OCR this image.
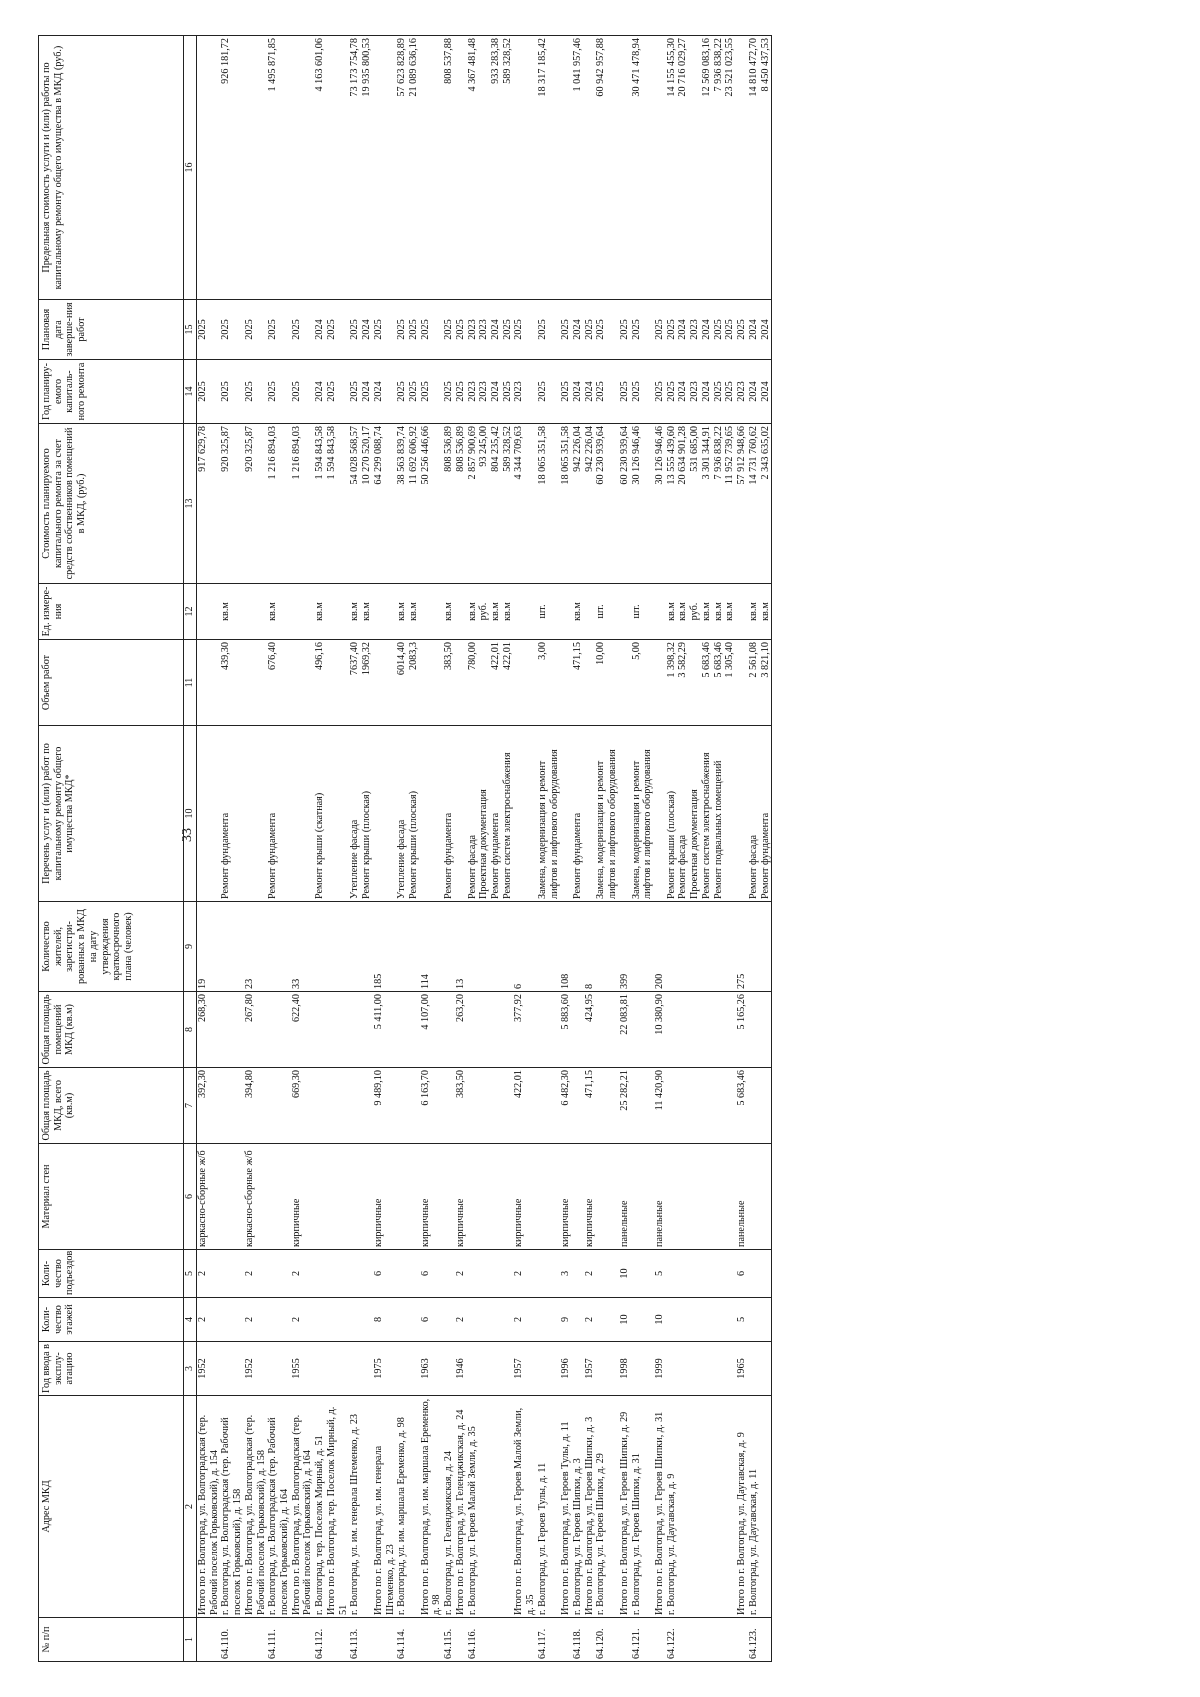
33
№ п/п	Адрес МКД	Год ввода в эксплу-атацию	Коли-чество этажей	Коли-чество подъездов	Материал стен	Общая площадь МКД, всего (кв.м)	Общая площадь помещений МКД (кв.м)	Количество жителей, зарегистри-рованных в МКД на дату утверждения краткосрочного плана (человек)	Перечень услуг и (или) работ по капитальному ремонту общего имущества МКД*	Объем работ	Ед. измере-ния	Стоимость планируемого капитального ремонта за счет средств собственников помещений в МКД, (руб.)	Год планиру-емого капиталь-ного ремонта	Плановая дата заверше-ния работ	Предельная стоимость услуги и (или) работы по капитальному ремонту общего имущества в МКД (руб.)
1	2	3	4	5	6	7	8	9	10	11	12	13	14	15	16
	Итого по г. Волгоград, ул. Волгоградская (тер. Рабочий поселок Горьковский), д. 154	1952	2	2	каркасно-сборные ж/б	392,30	268,30	19				917 629,78	2025	2025	
64.110.	г. Волгоград, ул. Волгоградская (тер. Рабочий поселок Горьковский), д. 158								Ремонт фундамента	439,30	кв.м	920 325,87	2025	2025	926 181,72
	Итого по г. Волгоград, ул. Волгоградская (тер. Рабочий поселок Горьковский), д. 158	1952	2	2	каркасно-сборные ж/б	394,80	267,80	23				920 325,87	2025	2025	
64.111.	г. Волгоград, ул. Волгоградская (тер. Рабочий поселок Горьковский), д. 164								Ремонт фундамента	676,40	кв.м	1 216 894,03	2025	2025	1 495 871,85
	Итого по г. Волгоград, ул. Волгоградская (тер. Рабочий поселок Горьковский), д. 164	1955	2	2	кирпичные	669,30	622,40	33				1 216 894,03	2025	2025	
64.112.	г. Волгоград, тер. Поселок Мирный, д. 51								Ремонт крыши (скатная)	496,16	кв.м	1 594 843,58	2024	2024	4 163 601,06
	Итого по г. Волгоград, тер. Поселок Мирный, д. 51											1 594 843,58	2025	2025	
64.113.	г. Волгоград, ул. им. генерала Штеменко, д. 23								Утепление фасада	7637,40	кв.м	54 028 568,57	2025	2025	73 173 754,78
									Ремонт крыши (плоская)	1969,32	кв.м	10 270 520,17	2024	2024	19 935 800,53
	Итого по г. Волгоград, ул. им. генерала Штеменко, д. 23	1975	8	6	кирпичные	9 489,10	5 411,00	185				64 299 088,74	2024	2025	
64.114.	г. Волгоград, ул. им. маршала Еременко, д. 98								Утепление фасада	6014,40	кв.м	38 563 839,74	2025	2025	57 623 828,89
									Ремонт крыши (плоская)	2083,3	кв.м	11 692 606,92	2025	2025	21 089 636,16
	Итого по г. Волгоград, ул. им. маршала Еременко, д. 98	1963	6	6	кирпичные	6 163,70	4 107,00	114				50 256 446,66	2025	2025	
64.115.	г. Волгоград, ул. Геленджикская, д. 24								Ремонт фундамента	383,50	кв.м	808 536,89	2025	2025	808 537,88
	Итого по г. Волгоград, ул. Геленджикская, д. 24	1946	2	2	кирпичные	383,50	263,20	13				808 536,89	2025	2025	
64.116.	г. Волгоград, ул. Героев Малой Земли, д. 35								Ремонт фасада	780,00	кв.м	2 857 900,69	2023	2023	4 367 481,48
									Проектная документация		руб.	93 245,00	2023	2023	
									Ремонт фундамента	422,01	кв.м	804 235,42	2024	2024	933 283,38
									Ремонт систем электроснабжения	422,01	кв.м	589 328,52	2025	2025	589 328,52
	Итого по г. Волгоград, ул. Героев Малой Земли, д. 35	1957	2	2	кирпичные	422,01	377,92	6				4 344 709,63	2023	2025	
64.117.	г. Волгоград, ул. Героев Тулы, д. 11								Замена, модернизация и ремонт лифтов и лифтового оборудования	3,00	шт.	18 065 351,58	2025	2025	18 317 185,42
	Итого по г. Волгоград, ул. Героев Тулы, д. 11	1996	9	3	кирпичные	6 482,30	5 883,60	108				18 065 351,58	2025	2025	
64.118.	г. Волгоград, ул. Героев Шипки, д. 3								Ремонт фундамента	471,15	кв.м	942 226,04	2024	2024	1 041 957,46
	Итого по г. Волгоград, ул. Героев Шипки, д. 3	1957	2	2	кирпичные	471,15	424,95	8				942 226,04	2024	2025	
64.120.	г. Волгоград, ул. Героев Шипки, д. 29								Замена, модернизация и ремонт лифтов и лифтового оборудования	10,00	шт.	60 230 939,64	2025	2025	60 942 957,88
	Итого по г. Волгоград, ул. Героев Шипки, д. 29	1998	10	10	панельные	25 282,21	22 083,81	399				60 230 939,64	2025	2025	
64.121.	г. Волгоград, ул. Героев Шипки, д. 31								Замена, модернизация и ремонт лифтов и лифтового оборудования	5,00	шт.	30 126 946,46	2025	2025	30 471 478,94
	Итого по г. Волгоград, ул. Героев Шипки, д. 31	1999	10	5	панельные	11 420,90	10 380,90	200				30 126 946,46	2025	2025	
64.122.	г. Волгоград, ул. Даугавская, д. 9								Ремонт крыши (плоская)	1 398,32	кв.м	13 555 439,60	2025	2025	14 155 455,30
									Ремонт фасада	3 582,29	кв.м	20 634 901,28	2024	2024	20 716 029,27
									Проектная документация		руб.	531 685,00	2023	2023	
									Ремонт систем электроснабжения	5 683,46	кв.м	3 301 344,91	2024	2024	12 569 083,16
									Ремонт подвальных помещений	5 683,46	кв.м	7 936 838,22	2025	2025	7 936 838,22
										1 305,40	кв.м	11 952 739,65	2025	2025	23 521 023,55
	Итого по г. Волгоград, ул. Даугавская, д. 9	1965	5	6	панельные	5 683,46	5 165,26	275				57 912 948,66	2023	2025	
64.123.	г. Волгоград, ул. Даугавская, д. 11								Ремонт фасада	2 561,08	кв.м	14 731 760,62	2024	2024	14 810 472,70
									Ремонт фундамента	3 821,10	кв.м	2 343 635,02	2024	2024	8 450 437,53
